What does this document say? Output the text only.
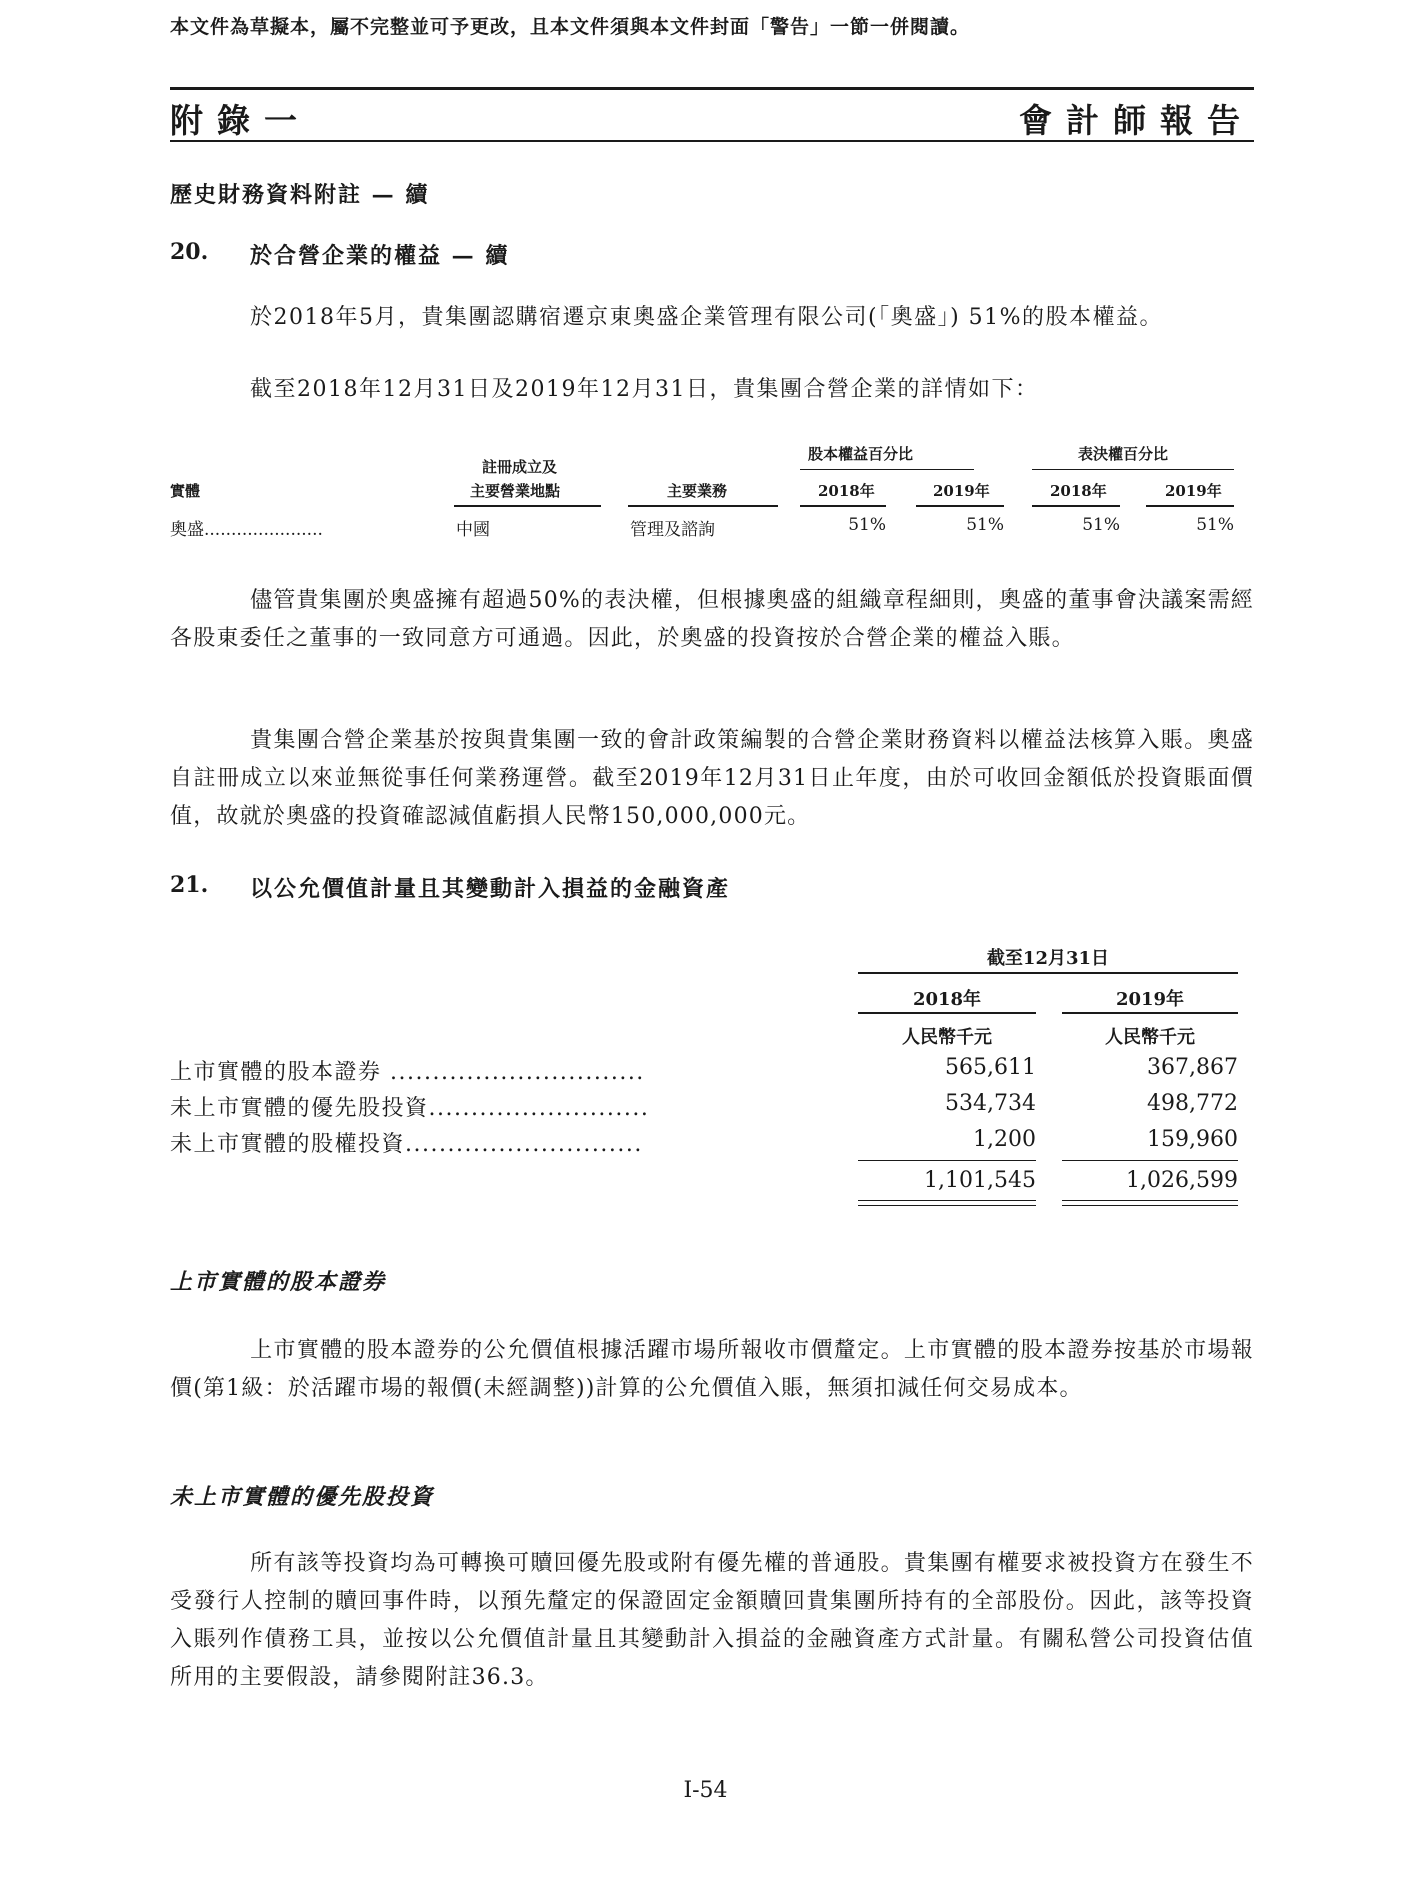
本文件為草擬本，屬不完整並可予更改，且本文件須與本文件封面「警告」一節一併閱讀。
附錄一	會計師報告
歷史財務資料附註 — 續
20. 於合營企業的權益 — 續
於2018年5月，貴集團認購宿遷京東奧盛企業管理有限公司(「奧盛」) 51%的股本權益。
截至2018年12月31日及2019年12月31日，貴集團合營企業的詳情如下：
股本權益百分比	表決權百分比
註冊成立及
實體	主要營業地點	主要業務	2018年	2019年	2018年	2019年
奧盛......................	中國	管理及諮詢	51%	51%	51%	51%
儘管貴集團於奧盛擁有超過50%的表決權，但根據奧盛的組織章程細則，奧盛的董事會決議案需經各股東委任之董事的一致同意方可通過。因此，於奧盛的投資按於合營企業的權益入賬。
貴集團合營企業基於按與貴集團一致的會計政策編製的合營企業財務資料以權益法核算入賬。奧盛自註冊成立以來並無從事任何業務運營。截至2019年12月31日止年度，由於可收回金額低於投資賬面價值，故就於奧盛的投資確認減值虧損人民幣150,000,000元。
21. 以公允價值計量且其變動計入損益的金融資產
截至12月31日
2018年	2019年
人民幣千元	人民幣千元
上市實體的股本證券 ..............................	565,611	367,867
未上市實體的優先股投資..........................	534,734	498,772
未上市實體的股權投資............................	1,200	159,960
1,101,545	1,026,599
上市實體的股本證券
上市實體的股本證券的公允價值根據活躍市場所報收市價釐定。上市實體的股本證券按基於市場報價(第1級：於活躍市場的報價(未經調整))計算的公允價值入賬，無須扣減任何交易成本。
未上市實體的優先股投資
所有該等投資均為可轉換可贖回優先股或附有優先權的普通股。貴集團有權要求被投資方在發生不受發行人控制的贖回事件時，以預先釐定的保證固定金額贖回貴集團所持有的全部股份。因此，該等投資入賬列作債務工具，並按以公允價值計量且其變動計入損益的金融資產方式計量。有關私營公司投資估值所用的主要假設，請參閱附註36.3。
I-54
